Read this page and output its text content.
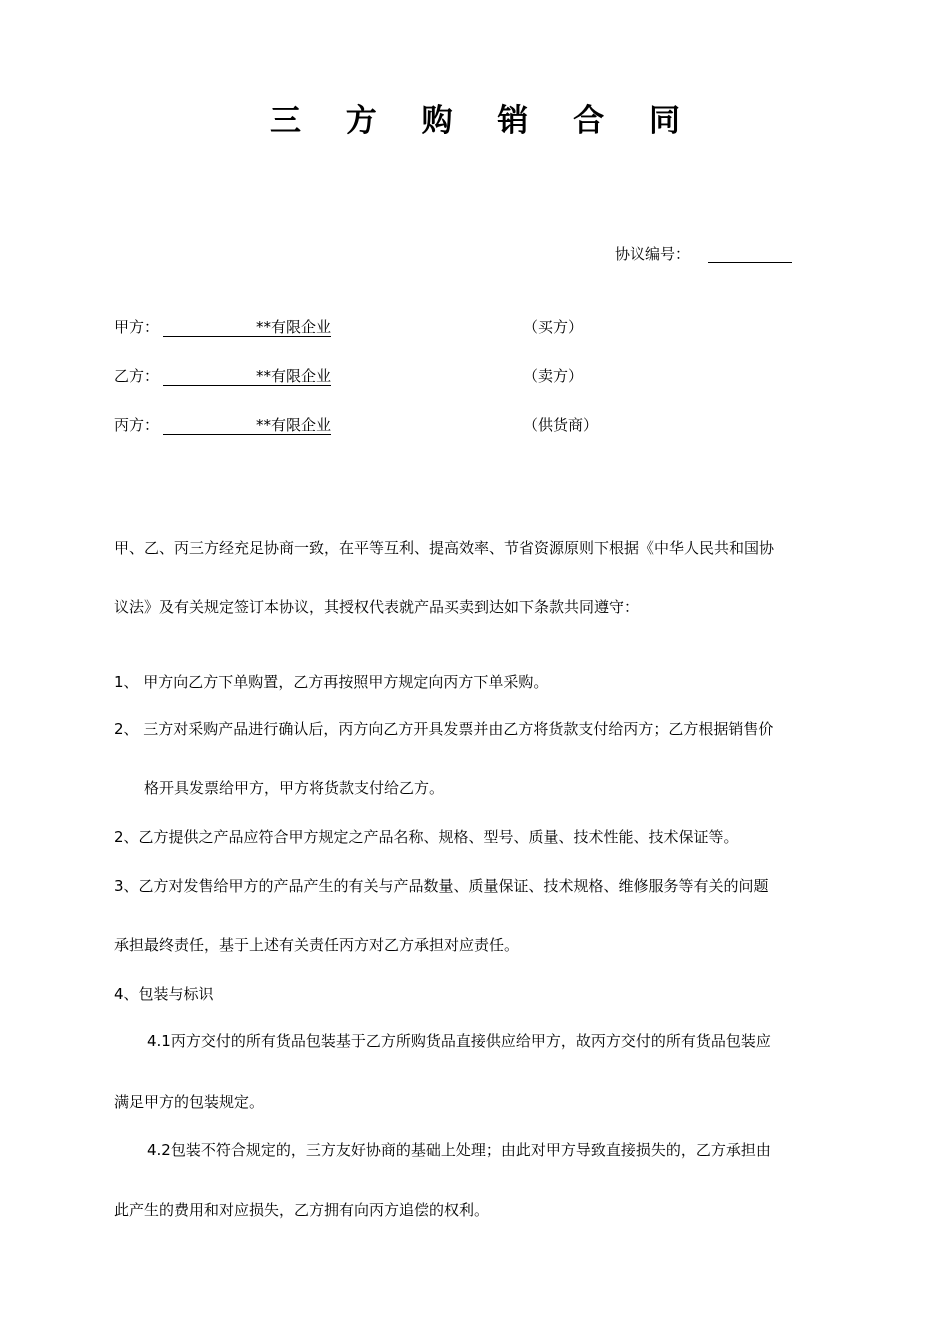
三 方 购 销 合 同
协议编号：
甲方：	**有限企业	（买方）
乙方：	**有限企业	（卖方）
丙方：	**有限企业	（供货商）
甲、乙、丙三方经充足协商一致，在平等互利、提高效率、节省资源原则下根据《中华人民共和国协
议法》及有关规定签订本协议，其授权代表就产品买卖到达如下条款共同遵守：
1、 甲方向乙方下单购置，乙方再按照甲方规定向丙方下单采购。
2、 三方对采购产品进行确认后，丙方向乙方开具发票并由乙方将货款支付给丙方；乙方根据销售价
格开具发票给甲方，甲方将货款支付给乙方。
2、乙方提供之产品应符合甲方规定之产品名称、规格、型号、质量、技术性能、技术保证等。
3、乙方对发售给甲方的产品产生的有关与产品数量、质量保证、技术规格、维修服务等有关的问题
承担最终责任，基于上述有关责任丙方对乙方承担对应责任。
4、包装与标识
4.1丙方交付的所有货品包装基于乙方所购货品直接供应给甲方，故丙方交付的所有货品包装应
满足甲方的包装规定。
4.2包装不符合规定的，三方友好协商的基础上处理；由此对甲方导致直接损失的，乙方承担由
此产生的费用和对应损失，乙方拥有向丙方追偿的权利。
